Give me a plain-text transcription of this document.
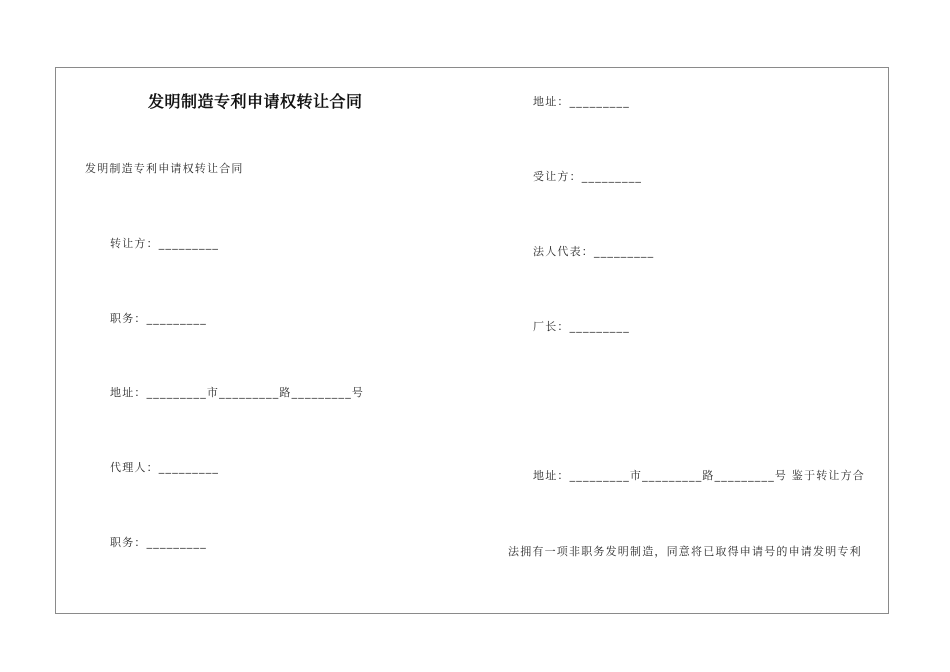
发明制造专利申请权转让合同
发明制造专利申请权转让合同
转让方：_________
职务：_________
地址：_________市_________路_________号
代理人：_________
职务：_________
地址：_________
受让方：_________
法人代表：_________
厂长：_________
地址：_________市_________路_________号 鉴于转让方合
法拥有一项非职务发明制造，同意将已取得申请号的申请发明专利
